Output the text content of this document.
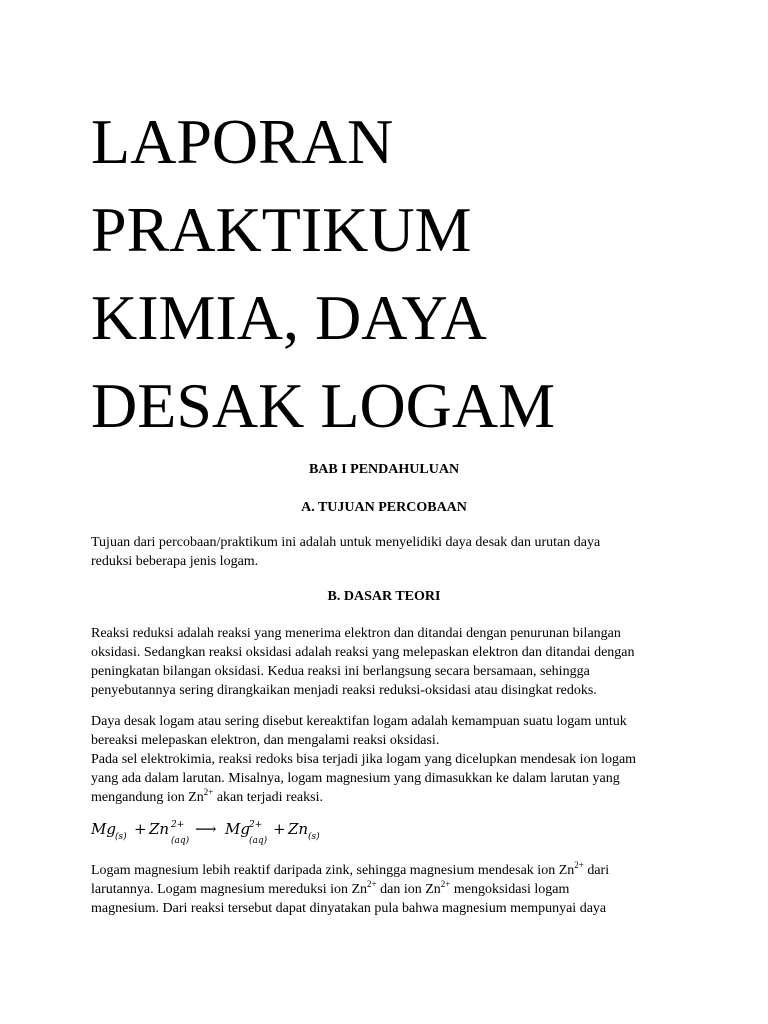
LAPORAN
PRAKTIKUM
KIMIA, DAYA
DESAK LOGAM
BAB I PENDAHULUAN
A. TUJUAN PERCOBAAN

Tujuan dari percobaan/praktikum ini adalah untuk menyelidiki daya desak dan urutan daya
reduksi beberapa jenis logam.

B. DASAR TEORI

Reaksi reduksi adalah reaksi yang menerima elektron dan ditandai dengan penurunan bilangan
oksidasi. Sedangkan reaksi oksidasi adalah reaksi yang melepaskan elektron dan ditandai dengan
peningkatan bilangan oksidasi. Kedua reaksi ini berlangsung secara bersamaan, sehingga
penyebutannya sering dirangkaikan menjadi reaksi reduksi-oksidasi atau disingkat redoks.

Daya desak logam atau sering disebut kereaktifan logam adalah kemampuan suatu logam untuk
bereaksi melepaskan elektron, dan mengalami reaksi oksidasi.
Pada sel elektrokimia, reaksi redoks bisa terjadi jika logam yang dicelupkan mendesak ion logam
yang ada dalam larutan. Misalnya, logam magnesium yang dimasukkan ke dalam larutan yang
mengandung ion $Zn^{2+}$ akan terjadi reaksi.

Mg (s) + Zn 2+
(aq)
⟶ Mg 2+
(aq)
+ Zn (s)

Logam magnesium lebih reaktif daripada zink, sehingga magnesium mendesak ion $Zn^{2+}$ dari
larutannya. Logam magnesium mereduksi ion $Zn^{2+}$ dan ion $Zn^{2+}$ mengoksidasi logam
magnesium. Dari reaksi tersebut dapat dinyatakan pula bahwa magnesium mempunyai daya
